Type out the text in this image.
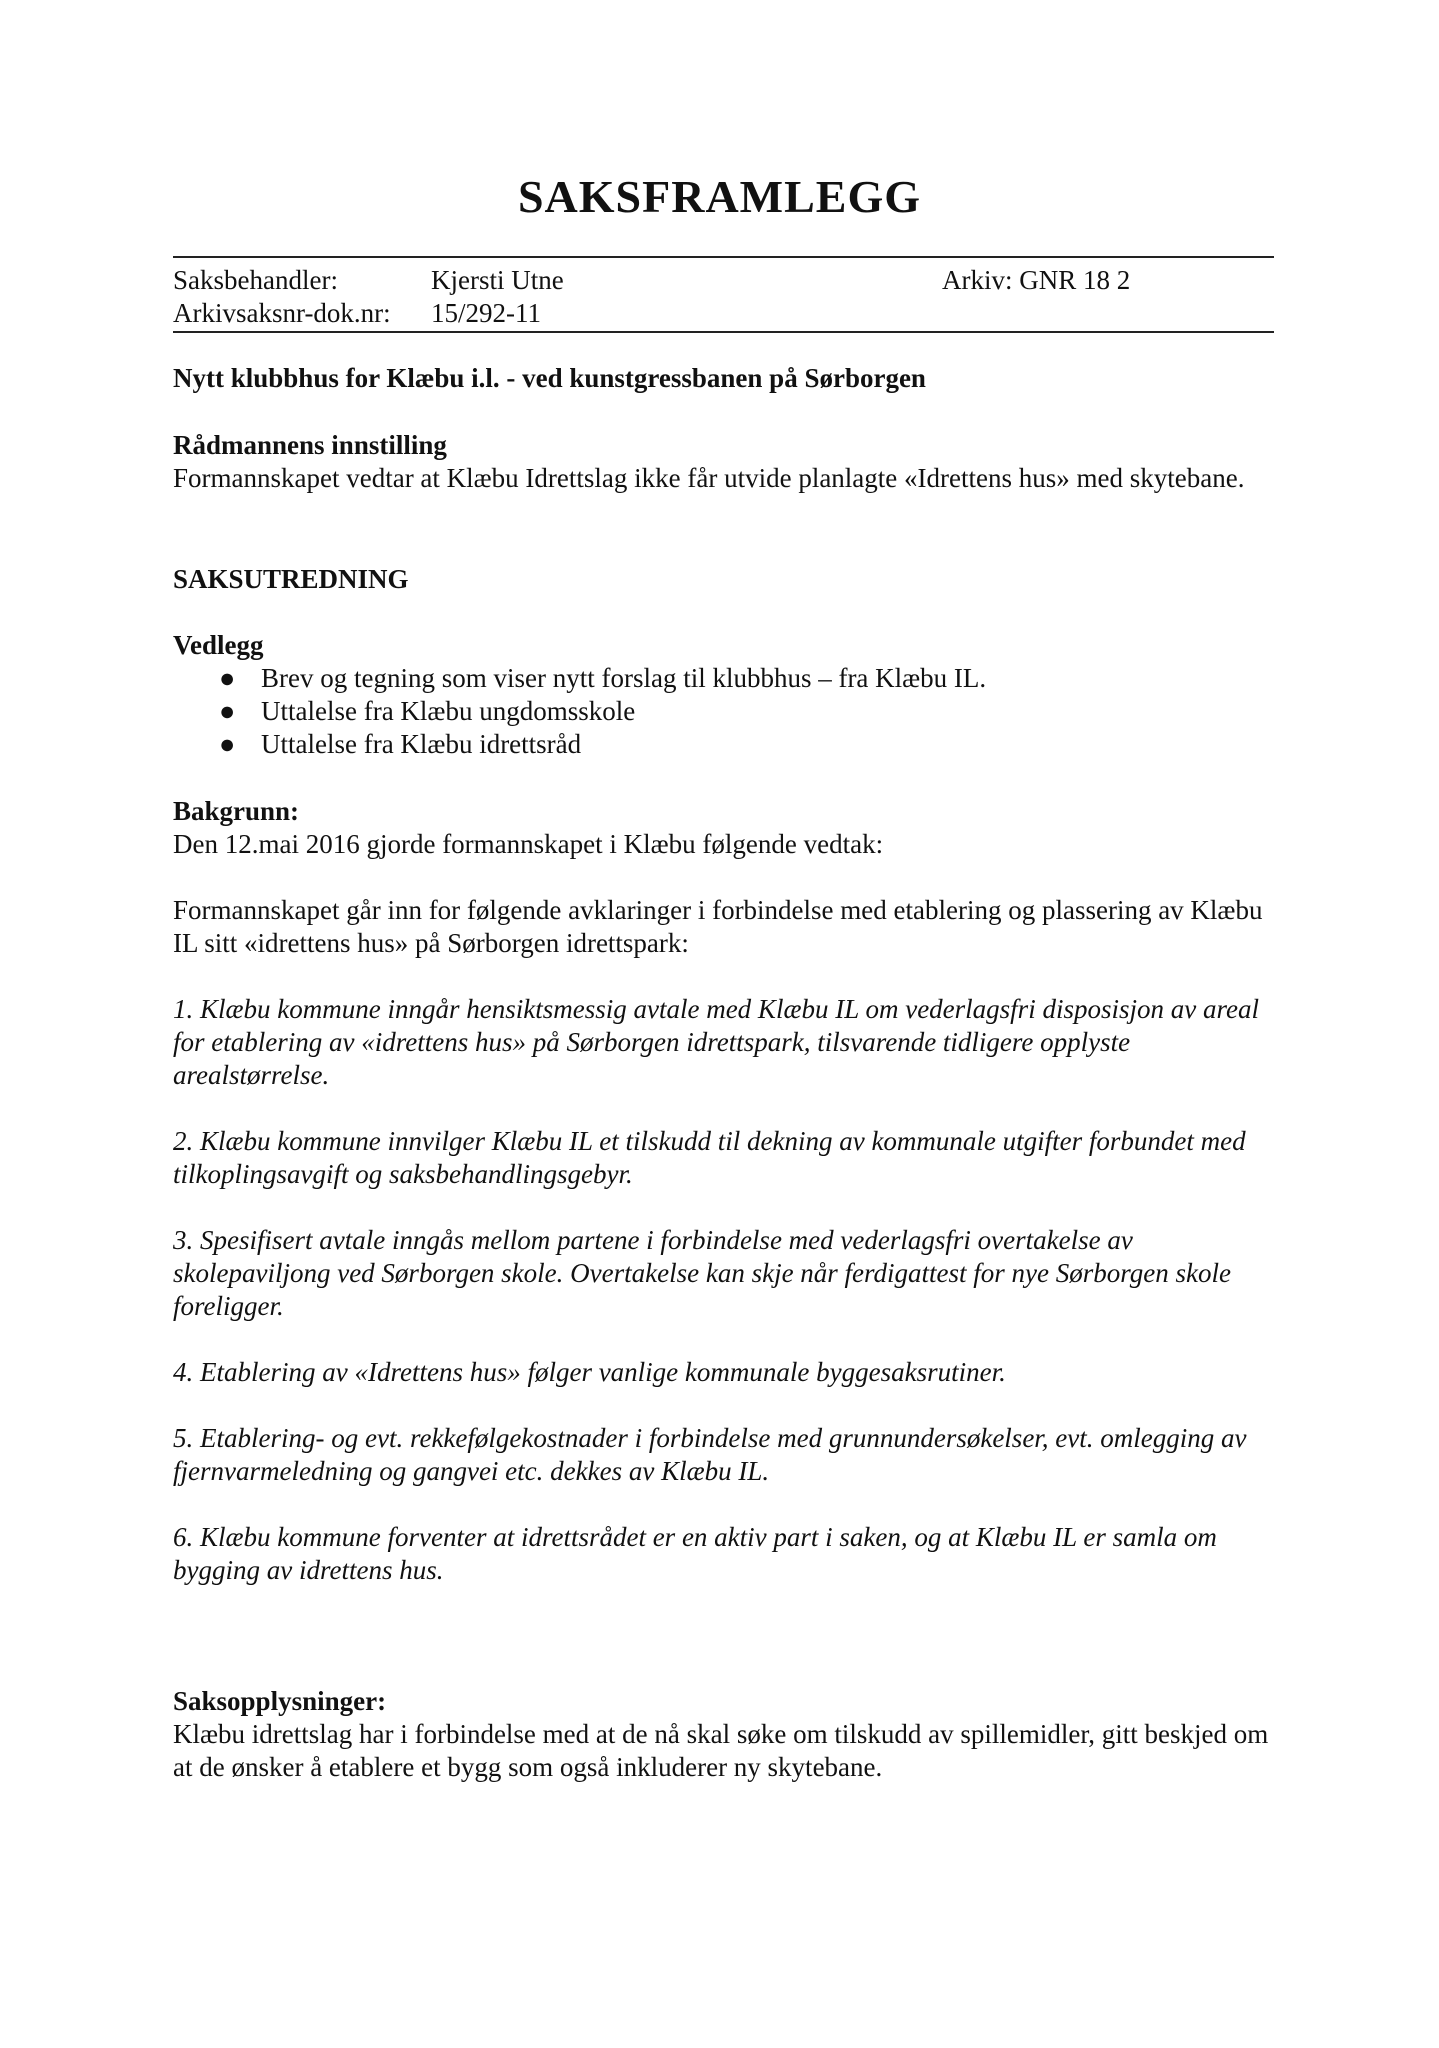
SAKSFRAMLEGG
Saksbehandler:	Kjersti Utne	Arkiv: GNR 18 2
Arkivsaksnr-dok.nr: 15/292-11

Nytt klubbhus for Klæbu i.l. - ved kunstgressbanen på Sørborgen

Rådmannens innstilling

Formannskapet vedtar at Klæbu Idrettslag ikke får utvide planlagte «Idrettens hus» med skytebane.

SAKSUTREDNING

Vedlegg

● Brev og tegning som viser nytt forslag til klubbhus – fra Klæbu IL.
● Uttalelse fra Klæbu ungdomsskole
● Uttalelse fra Klæbu idrettsråd

Bakgrunn:

Den 12.mai 2016 gjorde formannskapet i Klæbu følgende vedtak:

Formannskapet går inn for følgende avklaringer i forbindelse med etablering og plassering av Klæbu IL sitt «idrettens hus» på Sørborgen idrettspark:

1. Klæbu kommune inngår hensiktsmessig avtale med Klæbu IL om vederlagsfri disposisjon av areal for etablering av «idrettens hus» på Sørborgen idrettspark, tilsvarende tidligere opplyste arealstørrelse.

2. Klæbu kommune innvilger Klæbu IL et tilskudd til dekning av kommunale utgifter forbundet med tilkoplingsavgift og saksbehandlingsgebyr.

3. Spesifisert avtale inngås mellom partene i forbindelse med vederlagsfri overtakelse av skolepaviljong ved Sørborgen skole. Overtakelse kan skje når ferdigattest for nye Sørborgen skole foreligger.

4. Etablering av «Idrettens hus» følger vanlige kommunale byggesaksrutiner.

5. Etablering- og evt. rekkefølgekostnader i forbindelse med grunnundersøkelser, evt. omlegging av fjernvarmeledning og gangvei etc. dekkes av Klæbu IL.

6. Klæbu kommune forventer at idrettsrådet er en aktiv part i saken, og at Klæbu IL er samla om bygging av idrettens hus.

Saksopplysninger:

Klæbu idrettslag har i forbindelse med at de nå skal søke om tilskudd av spillemidler, gitt beskjed om at de ønsker å etablere et bygg som også inkluderer ny skytebane.
